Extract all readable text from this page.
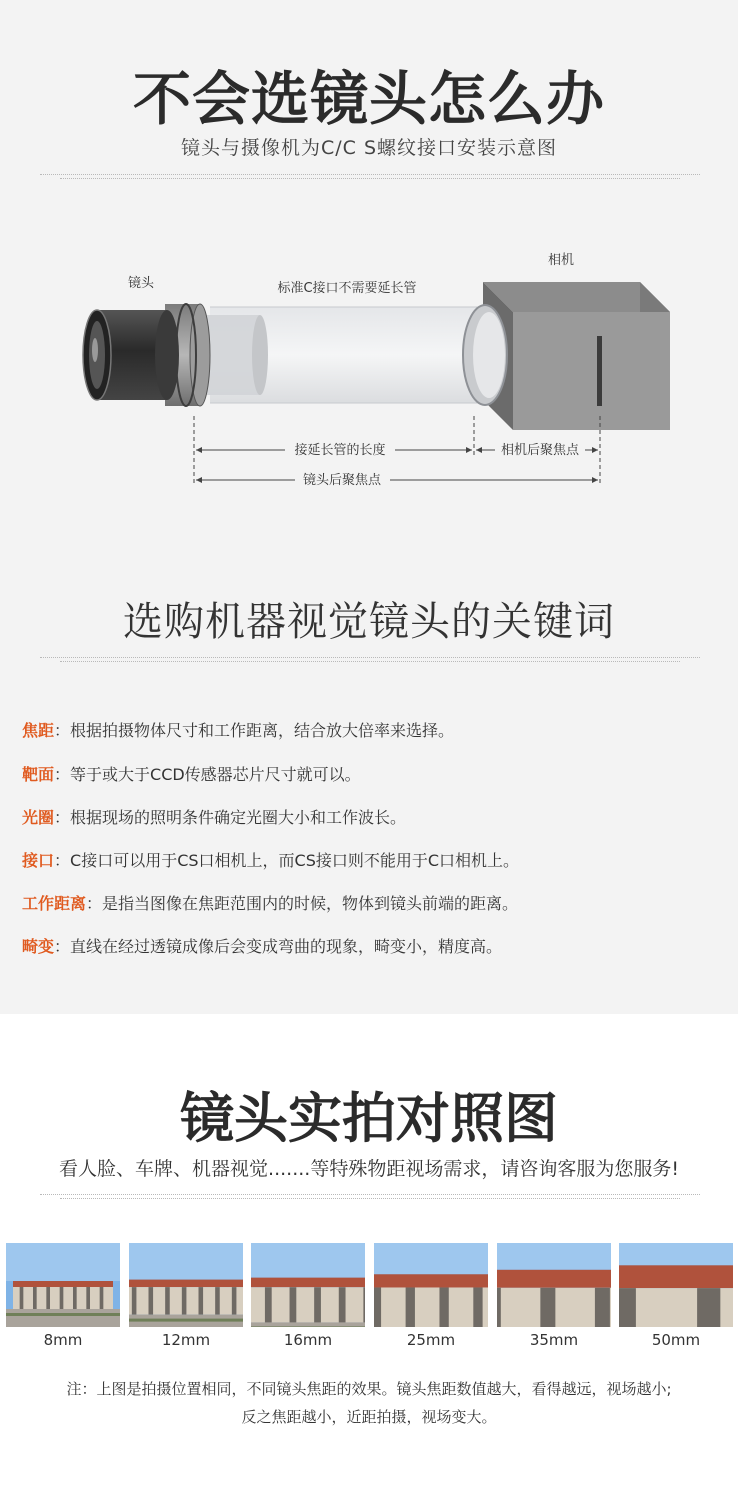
不会选镜头怎么办
镜头与摄像机为C/C S螺纹接口安装示意图
镜头
相机
标准C接口不需要延长管
接延长管的长度	相机后聚焦点
镜头后聚焦点
选购机器视觉镜头的关键词
焦距：根据拍摄物体尺寸和工作距离，结合放大倍率来选择。
靶面：等于或大于CCD传感器芯片尺寸就可以。
光圈：根据现场的照明条件确定光圈大小和工作波长。
接口：C接口可以用于CS口相机上，而CS接口则不能用于C口相机上。
工作距离：是指当图像在焦距范围内的时候，物体到镜头前端的距离。
畸变：直线在经过透镜成像后会变成弯曲的现象，畸变小，精度高。
镜头实拍对照图
看人脸、车牌、机器视觉.......等特殊物距视场需求，请咨询客服为您服务!
8mm	12mm	16mm	25mm	35mm	50mm
注：上图是拍摄位置相同，不同镜头焦距的效果。镜头焦距数值越大，看得越远，视场越小;
反之焦距越小，近距拍摄，视场变大。
